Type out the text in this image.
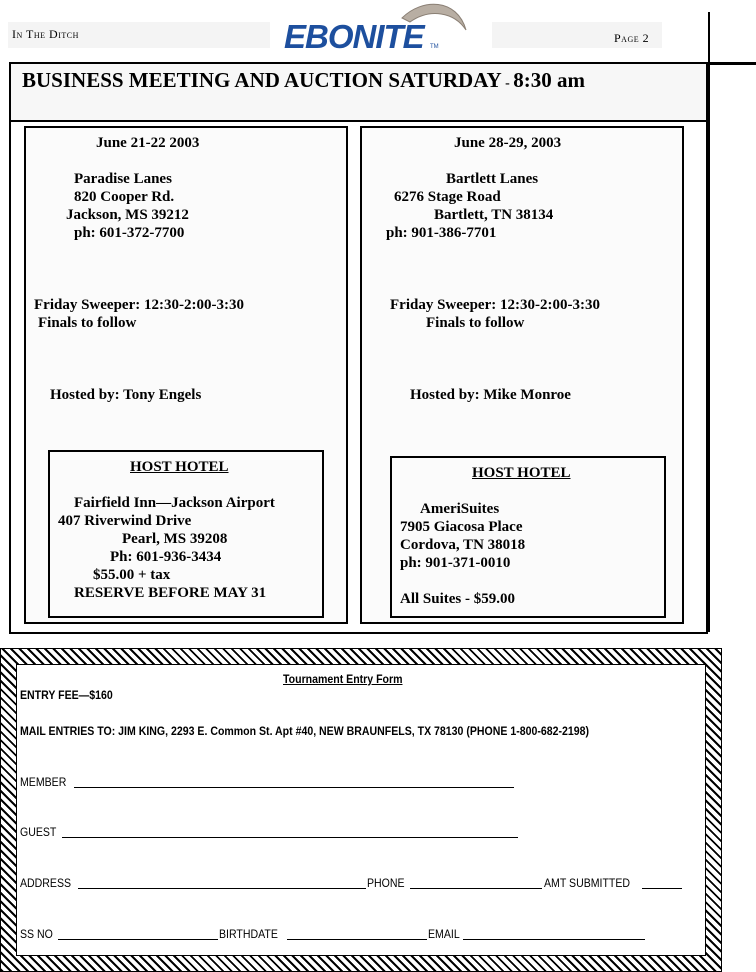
In The Ditch	Page 2
EBONITE TM
BUSINESS MEETING AND AUCTION SATURDAY - 8:30 am
June 21-22 2003
Paradise Lanes
820 Cooper Rd.
Jackson, MS 39212
ph: 601-372-7700
Friday Sweeper: 12:30-2:00-3:30
Finals to follow
Hosted by: Tony Engels
HOST HOTEL
Fairfield Inn—Jackson Airport
407 Riverwind Drive
Pearl, MS 39208
Ph: 601-936-3434
$55.00 + tax
RESERVE BEFORE MAY 31
June 28-29, 2003
Bartlett Lanes
6276 Stage Road
Bartlett, TN 38134
ph: 901-386-7701
Friday Sweeper: 12:30-2:00-3:30
Finals to follow
Hosted by: Mike Monroe
HOST HOTEL
AmeriSuites
7905 Giacosa Place
Cordova, TN 38018
ph: 901-371-0010
All Suites - $59.00
Tournament Entry Form
ENTRY FEE—$160
MAIL ENTRIES TO: JIM KING, 2293 E. Common St. Apt #40, NEW BRAUNFELS, TX 78130 (PHONE 1-800-682-2198)
MEMBER
GUEST
ADDRESS	PHONE	AMT SUBMITTED
SS NO	BIRTHDATE	EMAIL
